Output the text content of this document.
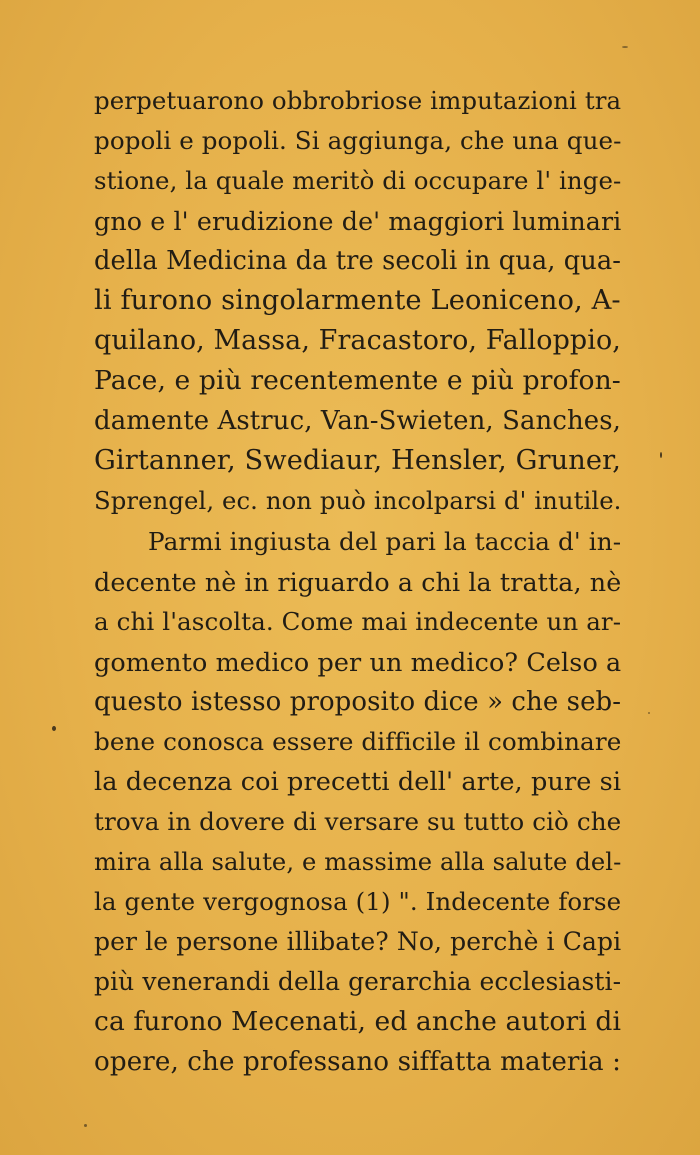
perpetuarono obbrobriose imputazioni tra
popoli e popoli. Si aggiunga, che una que-
stione, la quale meritò di occupare l' inge-
gno e l' erudizione de' maggiori luminari
della Medicina da tre secoli in qua, qua-
li furono singolarmente Leoniceno, A-
quilano, Massa, Fracastoro, Falloppio,
Pace, e più recentemente e più profon-
damente Astruc, Van-Swieten, Sanches,
Girtanner, Swediaur, Hensler, Gruner,
Sprengel, ec. non può incolparsi d' inutile.
Parmi ingiusta del pari la taccia d' in-
decente nè in riguardo a chi la tratta, nè
a chi l'ascolta. Come mai indecente un ar-
gomento medico per un medico? Celso a
questo istesso proposito dice » che seb-
bene conosca essere difficile il combinare
la decenza coi precetti dell' arte, pure si
trova in dovere di versare su tutto ciò che
mira alla salute, e massime alla salute del-
la gente vergognosa (1) ". Indecente forse
per le persone illibate? No, perchè i Capi
più venerandi della gerarchia ecclesiasti-
ca furono Mecenati, ed anche autori di
opere, che professano siffatta materia :
